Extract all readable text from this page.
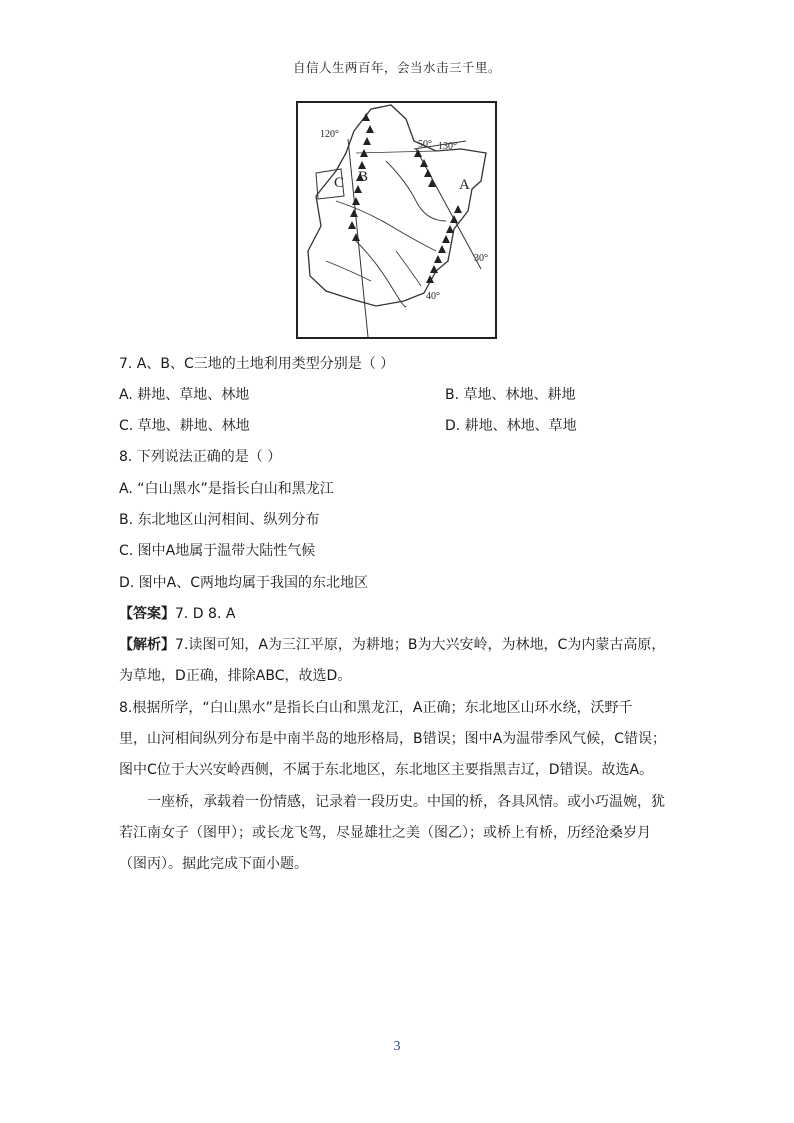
自信人生两百年，会当水击三千里。
120°
50° 130°
30°
40°
A
B
C
7. A、B、C三地的土地利用类型分别是（ ）
A. 耕地、草地、林地	B. 草地、林地、耕地
C. 草地、耕地、林地	D. 耕地、林地、草地
8. 下列说法正确的是（ ）
A. “白山黑水”是指长白山和黑龙江
B. 东北地区山河相间、纵列分布
C. 图中A地属于温带大陆性气候
D. 图中A、C两地均属于我国的东北地区
【答案】7. D 8. A
【解析】7.读图可知，A为三江平原，为耕地；B为大兴安岭，为林地，C为内蒙古高原，
为草地，D正确，排除ABC，故选D。
8.根据所学，“白山黑水”是指长白山和黑龙江，A正确；东北地区山环水绕，沃野千
里，山河相间纵列分布是中南半岛的地形格局，B错误；图中A为温带季风气候，C错误；
图中C位于大兴安岭西侧，不属于东北地区，东北地区主要指黑吉辽，D错误。故选A。
一座桥，承载着一份情感，记录着一段历史。中国的桥，各具风情。或小巧温婉，犹
若江南女子（图甲）；或长龙飞驾，尽显雄壮之美（图乙）；或桥上有桥，历经沧桑岁月
（图丙）。据此完成下面小题。
3
